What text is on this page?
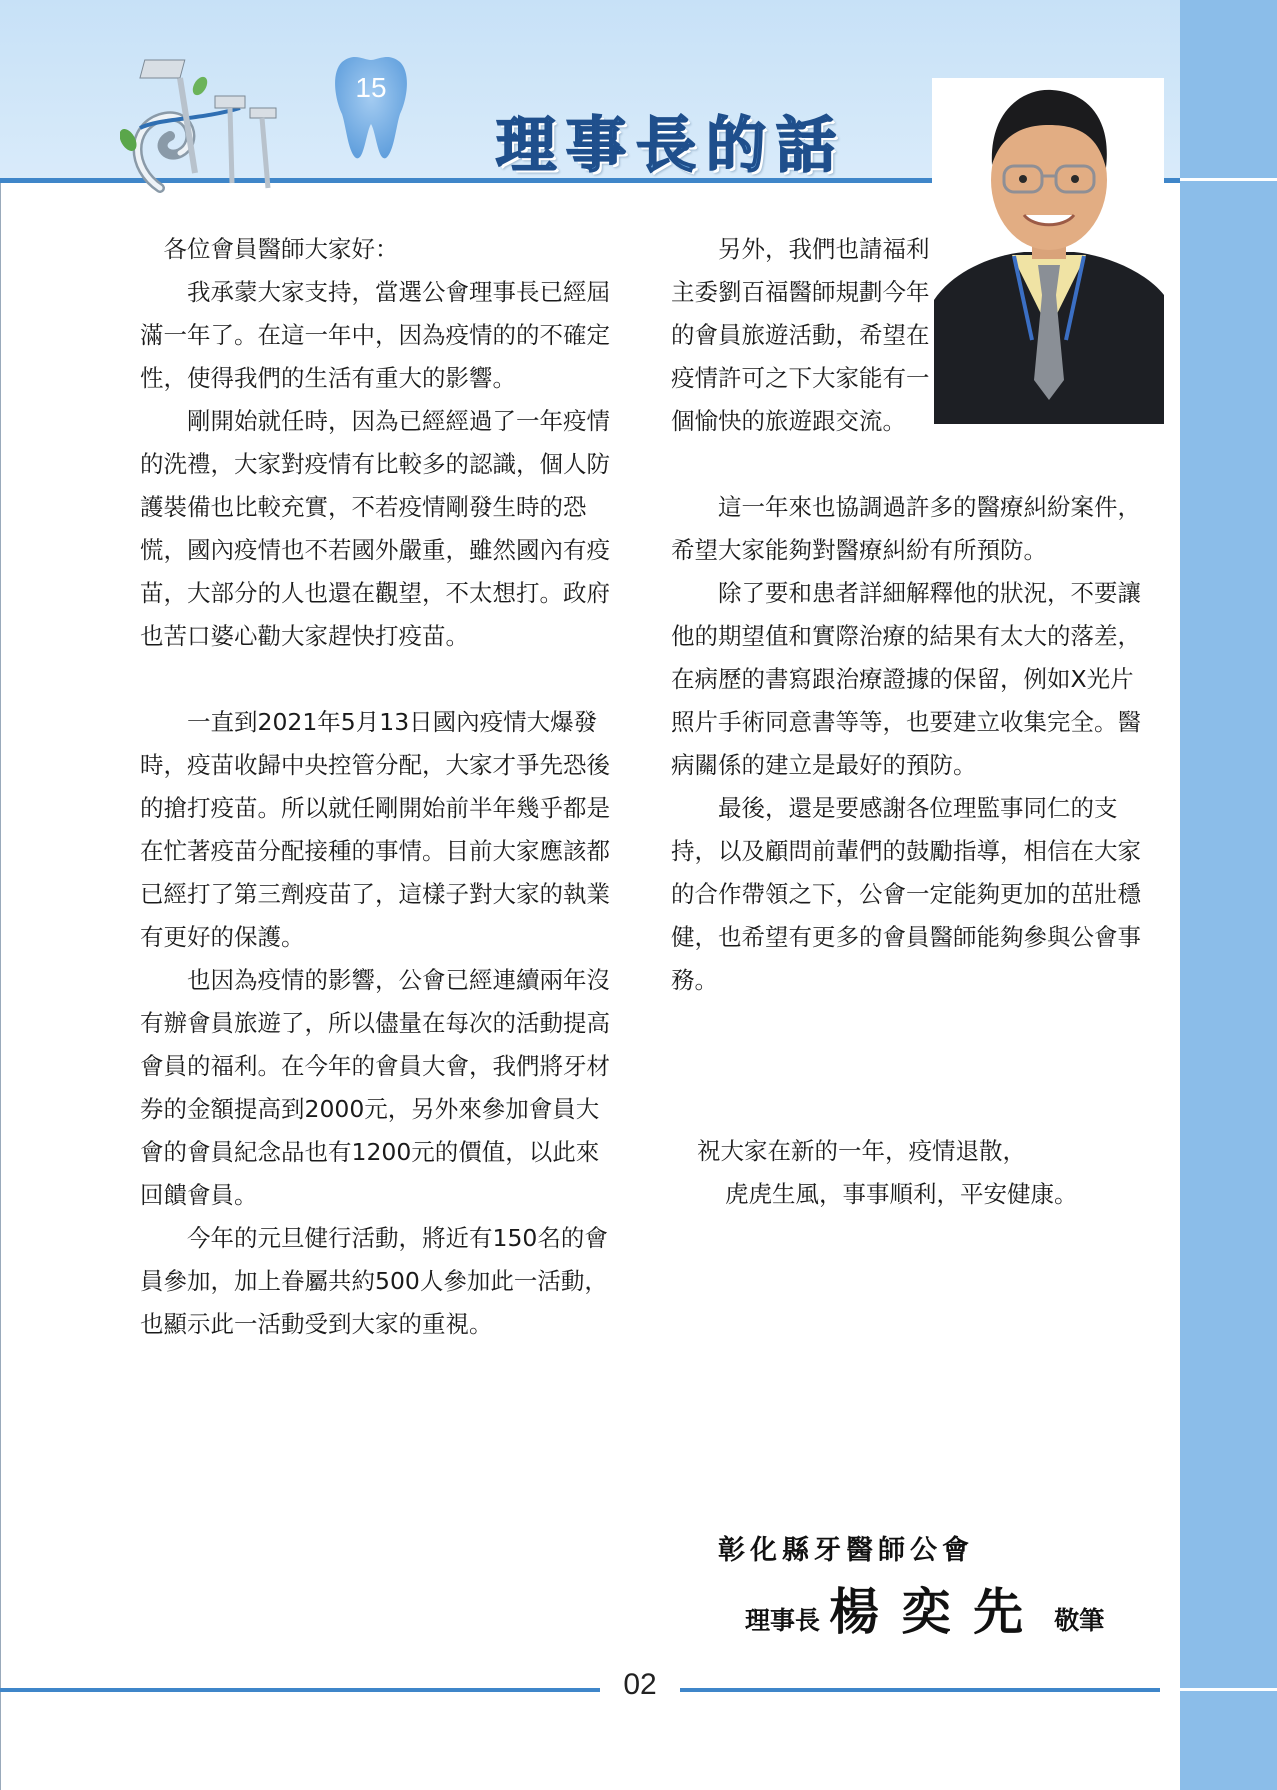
15
理事長的話

各位會員醫師大家好：

我承蒙大家支持，當選公會理事長已經屆滿一年了。在這一年中，因為疫情的的不確定性，使得我們的生活有重大的影響。

剛開始就任時，因為已經經過了一年疫情的洗禮，大家對疫情有比較多的認識，個人防護裝備也比較充實，不若疫情剛發生時的恐慌，國內疫情也不若國外嚴重，雖然國內有疫苗，大部分的人也還在觀望，不太想打。政府也苦口婆心勸大家趕快打疫苗。

一直到2021年5月13日國內疫情大爆發時，疫苗收歸中央控管分配，大家才爭先恐後的搶打疫苗。所以就任剛開始前半年幾乎都是在忙著疫苗分配接種的事情。目前大家應該都已經打了第三劑疫苗了，這樣子對大家的執業有更好的保護。

也因為疫情的影響，公會已經連續兩年沒有辦會員旅遊了，所以儘量在每次的活動提高會員的福利。在今年的會員大會，我們將牙材券的金額提高到2000元，另外來參加會員大會的會員紀念品也有1200元的價值，以此來回饋會員。

今年的元旦健行活動，將近有150名的會員參加，加上眷屬共約500人參加此一活動，也顯示此一活動受到大家的重視。

另外，我們也請福利主委劉百福醫師規劃今年的會員旅遊活動，希望在疫情許可之下大家能有一個愉快的旅遊跟交流。

這一年來也協調過許多的醫療糾紛案件，希望大家能夠對醫療糾紛有所預防。

除了要和患者詳細解釋他的狀況，不要讓他的期望值和實際治療的結果有太大的落差，在病歷的書寫跟治療證據的保留，例如X光片照片手術同意書等等，也要建立收集完全。醫病關係的建立是最好的預防。

最後，還是要感謝各位理監事同仁的支持，以及顧問前輩們的鼓勵指導，相信在大家的合作帶領之下，公會一定能夠更加的茁壯穩健，也希望有更多的會員醫師能夠參與公會事務。

祝大家在新的一年，疫情退散，

虎虎生風，事事順利，平安健康。

彰化縣牙醫師公會
理事長 楊奕先 敬筆
02
